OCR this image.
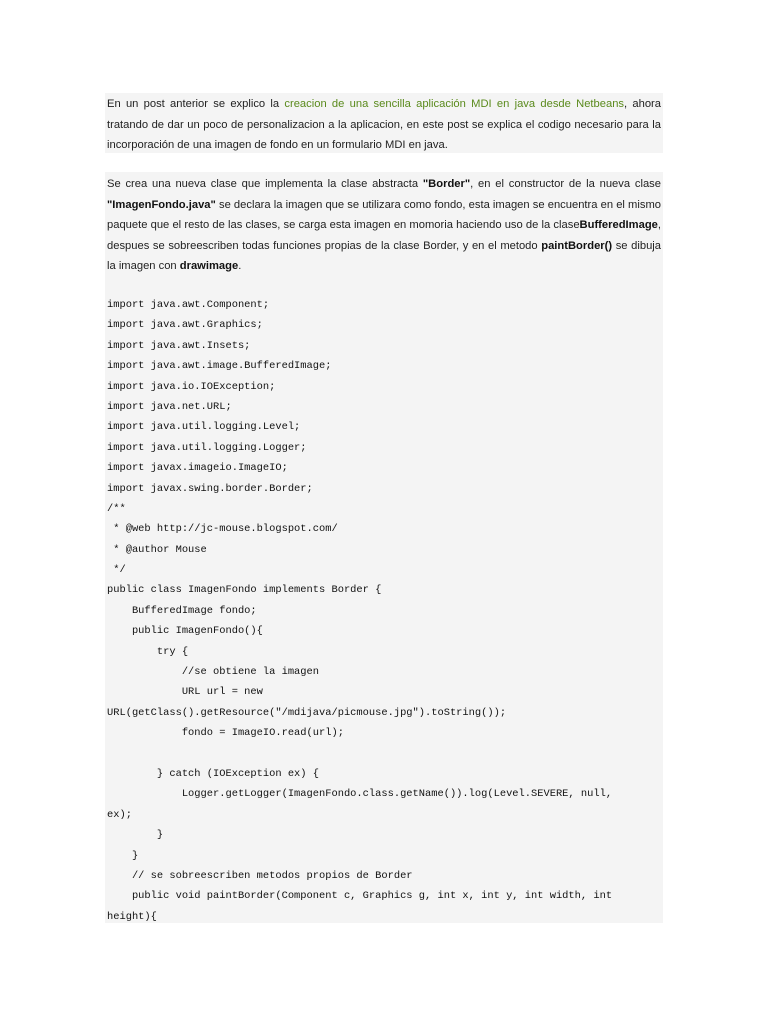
En un post anterior se explico la creacion de una sencilla aplicación MDI en java desde Netbeans, ahora tratando de dar un poco de personalizacion a la aplicacion, en este post se explica el codigo necesario para la incorporación de una imagen de fondo en un formulario MDI en java.

Se crea una nueva clase que implementa la clase abstracta "Border", en el constructor de la nueva clase "ImagenFondo.java" se declara la imagen que se utilizara como fondo, esta imagen se encuentra en el mismo paquete que el resto de las clases, se carga esta imagen en momoria haciendo uso de la claseBufferedImage, despues se sobreescriben todas funciones propias de la clase Border, y en el metodo paintBorder() se dibuja la imagen con drawimage.

import java.awt.Component;
import java.awt.Graphics;
import java.awt.Insets;
import java.awt.image.BufferedImage;
import java.io.IOException;
import java.net.URL;
import java.util.logging.Level;
import java.util.logging.Logger;
import javax.imageio.ImageIO;
import javax.swing.border.Border;
/**
* @web http://jc-mouse.blogspot.com/
* @author Mouse
*/
public class ImagenFondo implements Border {
BufferedImage fondo;
public ImagenFondo(){
try {
//se obtiene la imagen
URL url = new
URL(getClass().getResource("/mdijava/picmouse.jpg").toString());
fondo = ImageIO.read(url);
} catch (IOException ex) {
Logger.getLogger(ImagenFondo.class.getName()).log(Level.SEVERE, null,
ex);
}
}
// se sobreescriben metodos propios de Border
public void paintBorder(Component c, Graphics g, int x, int y, int width, int
height){
